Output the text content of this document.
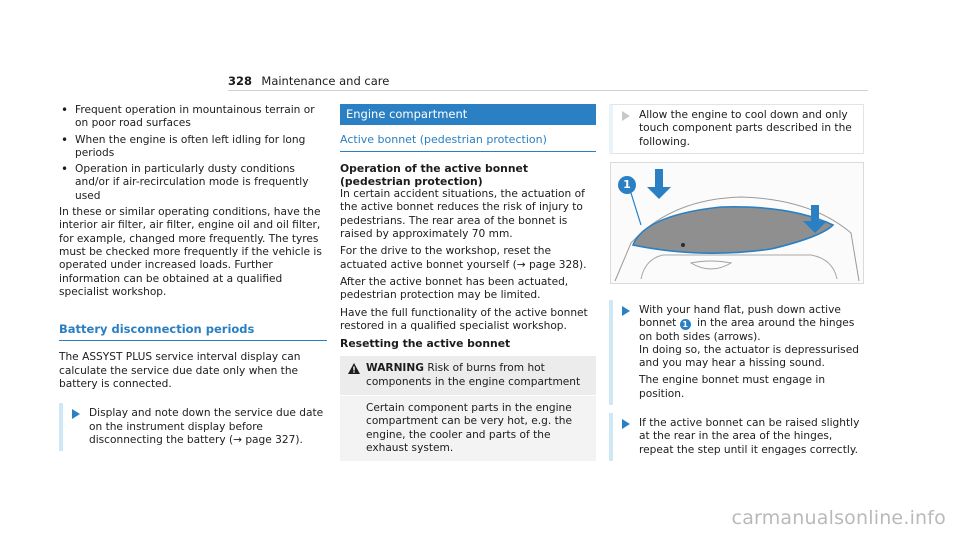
328 Maintenance and care
• Frequent operation in mountainous terrain or on poor road surfaces
• When the engine is often left idling for long periods
• Operation in particularly dusty conditions and/or if air-recirculation mode is frequently used

In these or similar operating conditions, have the interior air filter, air filter, engine oil and oil filter, for example, changed more frequently. The tyres must be checked more frequently if the vehicle is operated under increased loads. Further information can be obtained at a qualified specialist workshop.

Battery disconnection periods

The ASSYST PLUS service interval display can calculate the service due date only when the battery is connected.

Display and note down the service due date on the instrument display before disconnecting the battery (→ page 327).
Engine compartment
Active bonnet (pedestrian protection)

Operation of the active bonnet (pedestrian protection)

In certain accident situations, the actuation of the active bonnet reduces the risk of injury to pedestrians. The rear area of the bonnet is raised by approximately 70 mm.

For the drive to the workshop, reset the actuated active bonnet yourself (→ page 328).

After the active bonnet has been actuated, pedestrian protection may be limited.

Have the full functionality of the active bonnet restored in a qualified specialist workshop.

Resetting the active bonnet

WARNING Risk of burns from hot components in the engine compartment
Certain component parts in the engine compartment can be very hot, e.g. the engine, the cooler and parts of the exhaust system.
Allow the engine to cool down and only touch component parts described in the following.
1
With your hand flat, push down active bonnet 1 in the area around the hinges on both sides (arrows).
In doing so, the actuator is depressurised and you may hear a hissing sound.
The engine bonnet must engage in position.
If the active bonnet can be raised slightly at the rear in the area of the hinges, repeat the step until it engages correctly.
carmanualsonline.info
